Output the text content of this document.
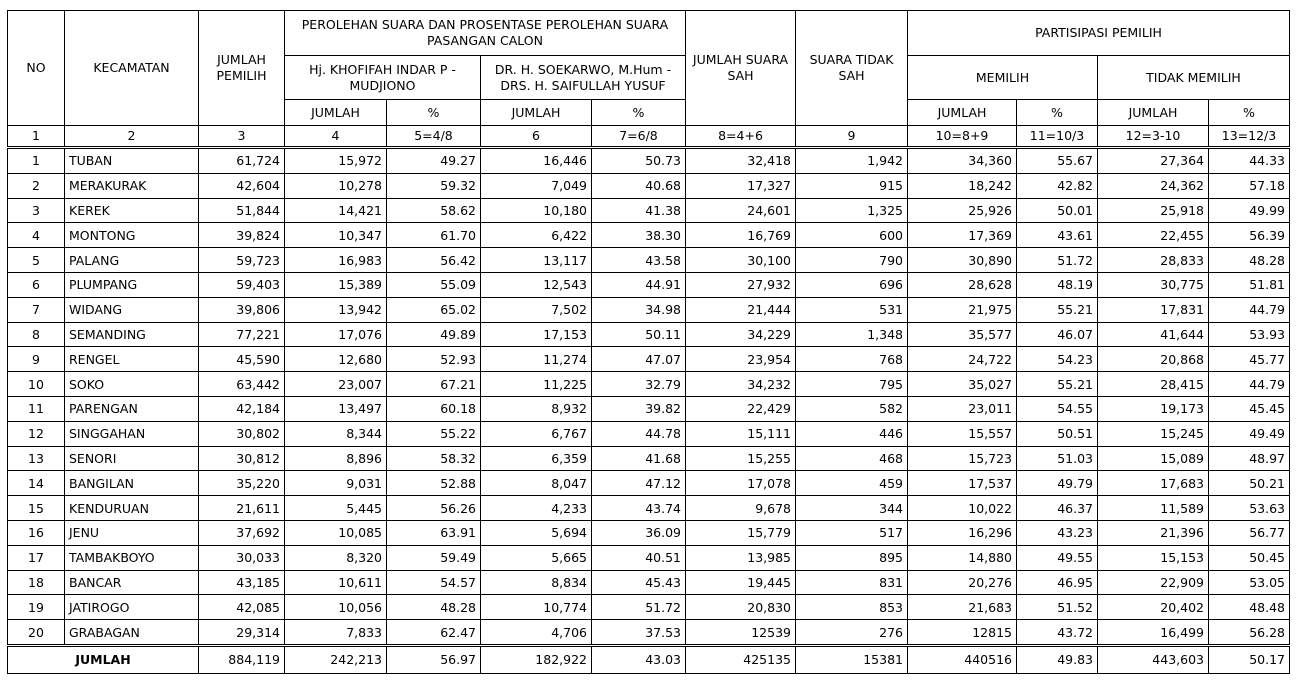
NO	KECAMATAN	JUMLAH PEMILIH	PEROLEHAN SUARA DAN PROSENTASE PEROLEHAN SUARA PASANGAN CALON				JUMLAH SUARA SAH	SUARA TIDAK SAH	PARTISIPASI PEMILIH			
			Hj. KHOFIFAH INDAR P - MUDJIONO		DR. H. SOEKARWO, M.Hum - DRS. H. SAIFULLAH YUSUF				MEMILIH		TIDAK MEMILIH	
			JUMLAH	%	JUMLAH	%			JUMLAH	%	JUMLAH	%
1	2	3	4	5=4/8	6	7=6/8	8=4+6	9	10=8+9	11=10/3	12=3-10	13=12/3
1	TUBAN	61,724	15,972	49.27	16,446	50.73	32,418	1,942	34,360	55.67	27,364	44.33
2	MERAKURAK	42,604	10,278	59.32	7,049	40.68	17,327	915	18,242	42.82	24,362	57.18
3	KEREK	51,844	14,421	58.62	10,180	41.38	24,601	1,325	25,926	50.01	25,918	49.99
4	MONTONG	39,824	10,347	61.70	6,422	38.30	16,769	600	17,369	43.61	22,455	56.39
5	PALANG	59,723	16,983	56.42	13,117	43.58	30,100	790	30,890	51.72	28,833	48.28
6	PLUMPANG	59,403	15,389	55.09	12,543	44.91	27,932	696	28,628	48.19	30,775	51.81
7	WIDANG	39,806	13,942	65.02	7,502	34.98	21,444	531	21,975	55.21	17,831	44.79
8	SEMANDING	77,221	17,076	49.89	17,153	50.11	34,229	1,348	35,577	46.07	41,644	53.93
9	RENGEL	45,590	12,680	52.93	11,274	47.07	23,954	768	24,722	54.23	20,868	45.77
10	SOKO	63,442	23,007	67.21	11,225	32.79	34,232	795	35,027	55.21	28,415	44.79
11	PARENGAN	42,184	13,497	60.18	8,932	39.82	22,429	582	23,011	54.55	19,173	45.45
12	SINGGAHAN	30,802	8,344	55.22	6,767	44.78	15,111	446	15,557	50.51	15,245	49.49
13	SENORI	30,812	8,896	58.32	6,359	41.68	15,255	468	15,723	51.03	15,089	48.97
14	BANGILAN	35,220	9,031	52.88	8,047	47.12	17,078	459	17,537	49.79	17,683	50.21
15	KENDURUAN	21,611	5,445	56.26	4,233	43.74	9,678	344	10,022	46.37	11,589	53.63
16	JENU	37,692	10,085	63.91	5,694	36.09	15,779	517	16,296	43.23	21,396	56.77
17	TAMBAKBOYO	30,033	8,320	59.49	5,665	40.51	13,985	895	14,880	49.55	15,153	50.45
18	BANCAR	43,185	10,611	54.57	8,834	45.43	19,445	831	20,276	46.95	22,909	53.05
19	JATIROGO	42,085	10,056	48.28	10,774	51.72	20,830	853	21,683	51.52	20,402	48.48
20	GRABAGAN	29,314	7,833	62.47	4,706	37.53	12539	276	12815	43.72	16,499	56.28
JUMLAH		884,119	242,213	56.97	182,922	43.03	425135	15381	440516	49.83	443,603	50.17
